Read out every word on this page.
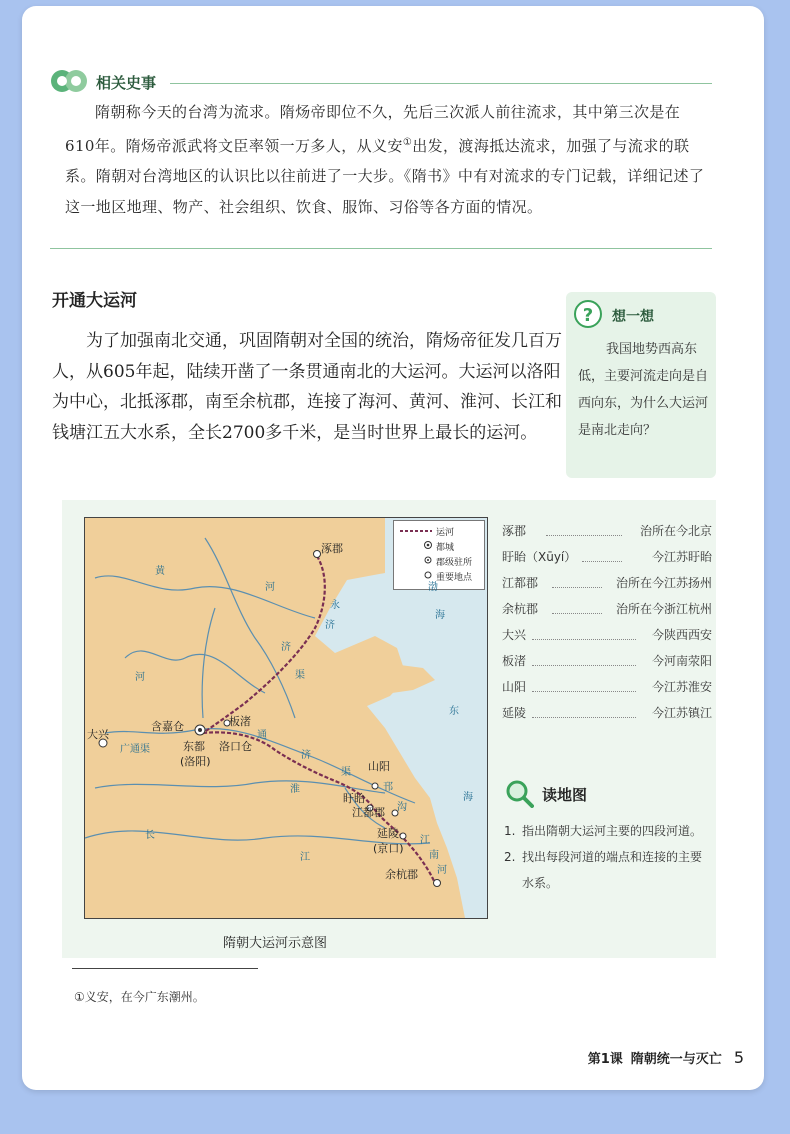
相关史事

隋朝称今天的台湾为流求。隋炀帝即位不久，先后三次派人前往流求，其中第三次是在610年。隋炀帝派武将文臣率领一万多人，从义安①出发，渡海抵达流求，加强了与流求的联系。隋朝对台湾地区的认识比以往前进了一大步。《隋书》中有对流求的专门记载，详细记述了这一地区地理、物产、社会组织、饮食、服饰、习俗等各方面的情况。

开通大运河

为了加强南北交通，巩固隋朝对全国的统治，隋炀帝征发几百万人，从605年起，陆续开凿了一条贯通南北的大运河。大运河以洛阳为中心，北抵涿郡，南至余杭郡，连接了海河、黄河、淮河、长江和钱塘江五大水系，全长2700多千米，是当时世界上最长的运河。

?	想一想

我国地势西高东低，主要河流走向是自西向东，为什么大运河是南北走向？

运河
都城
郡级驻所
重要地点
涿郡
大兴
含嘉仓
东都
(洛阳)
板渚
洛口仓
山阳
盱眙
江都郡
延陵
(京口)
余杭郡
渤
海
东
海
黄
河
河
广通渠
济
永
济
渠
通
济
渠
淮	邗
沟
江
南
河
长
江
隋朝大运河示意图
涿郡	治所在今北京
盱眙（Xūyí）	今江苏盱眙
江都郡	治所在今江苏扬州
余杭郡	治所在今浙江杭州
大兴	今陕西西安
板渚	今河南荥阳
山阳	今江苏淮安
延陵	今江苏镇江
读地图
1. 指出隋朝大运河主要的四段河道。
2. 找出每段河道的端点和连接的主要水系。
①义安，在今广东潮州。
第1课 隋朝统一与灭亡 5
